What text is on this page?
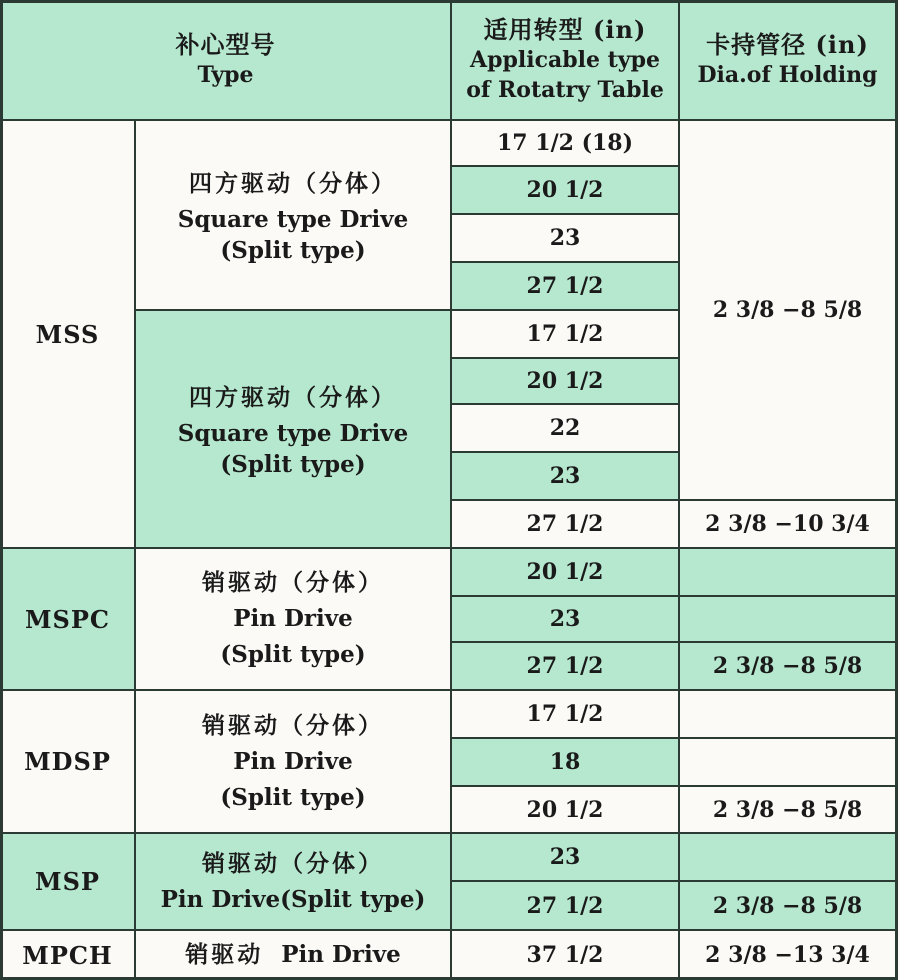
补心型号
Type
适用转型 (in)
Applicable type
of Rotatry Table
卡持管径 (in)
Dia.of Holding
MSS
MSPC
MDSP
MSP
MPCH
四方驱动（分体）
Square type Drive
(Split type)
四方驱动（分体）
Square type Drive
(Split type)
销驱动（分体）
Pin Drive
(Split type)
销驱动（分体）
Pin Drive
(Split type)
销驱动（分体）
Pin Drive(Split type)
销驱动 Pin Drive
17 1/2 (18)
20 1/2
23
27 1/2
17 1/2
20 1/2
22
23
27 1/2
20 1/2
23
27 1/2
17 1/2
18
20 1/2
23
27 1/2
37 1/2
2 3/8 −8 5/8
2 3/8 −10 3/4
2 3/8 −8 5/8
2 3/8 −8 5/8
2 3/8 −8 5/8
2 3/8 −13 3/4
